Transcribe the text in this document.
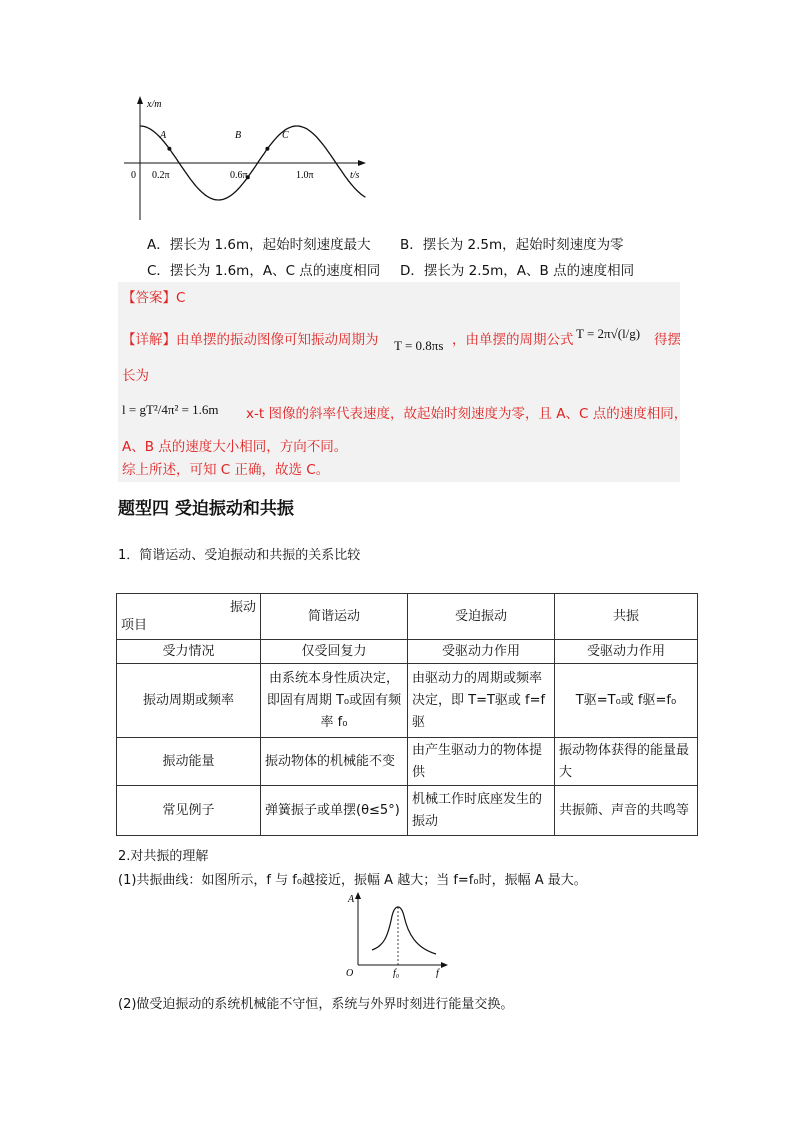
x/m
t/s
0 0.2π	0.6π	1.0π
A	B	C
A．摆长为 1.6m，起始时刻速度最大 B．摆长为 2.5m，起始时刻速度为零
C．摆长为 1.6m，A、C 点的速度相同 D．摆长为 2.5m，A、B 点的速度相同
【答案】C
【详解】由单摆的振动图像可知振动周期为 T = 0.8πs ，由单摆的周期公式 T = 2π√(l/g) 得摆
长为
l = gT²/4π² = 1.6m x-t 图像的斜率代表速度，故起始时刻速度为零，且 A、C 点的速度相同，
A、B 点的速度大小相同，方向不同。
综上所述，可知 C 正确，故选 C。
题型四 受迫振动和共振
1．简谐运动、受迫振动和共振的关系比较
振动
项目	简谐运动	受迫振动	共振
受力情况	仅受回复力	受驱动力作用	受驱动力作用
振动周期或频率	由系统本身性质决定，即固有周期 T₀或固有频率 f₀	由驱动力的周期或频率决定，即 T=T驱或 f=f驱	T驱=T₀或 f驱=f₀
振动能量	振动物体的机械能不变	由产生驱动力的物体提供	振动物体获得的能量最大
常见例子	弹簧振子或单摆(θ≤5°)	机械工作时底座发生的振动	共振筛、声音的共鸣等
2.对共振的理解
(1)共振曲线：如图所示，f 与 f₀越接近，振幅 A 越大；当 f=f₀时，振幅 A 最大。
A
O	f₀	f
(2)做受迫振动的系统机械能不守恒，系统与外界时刻进行能量交换。
